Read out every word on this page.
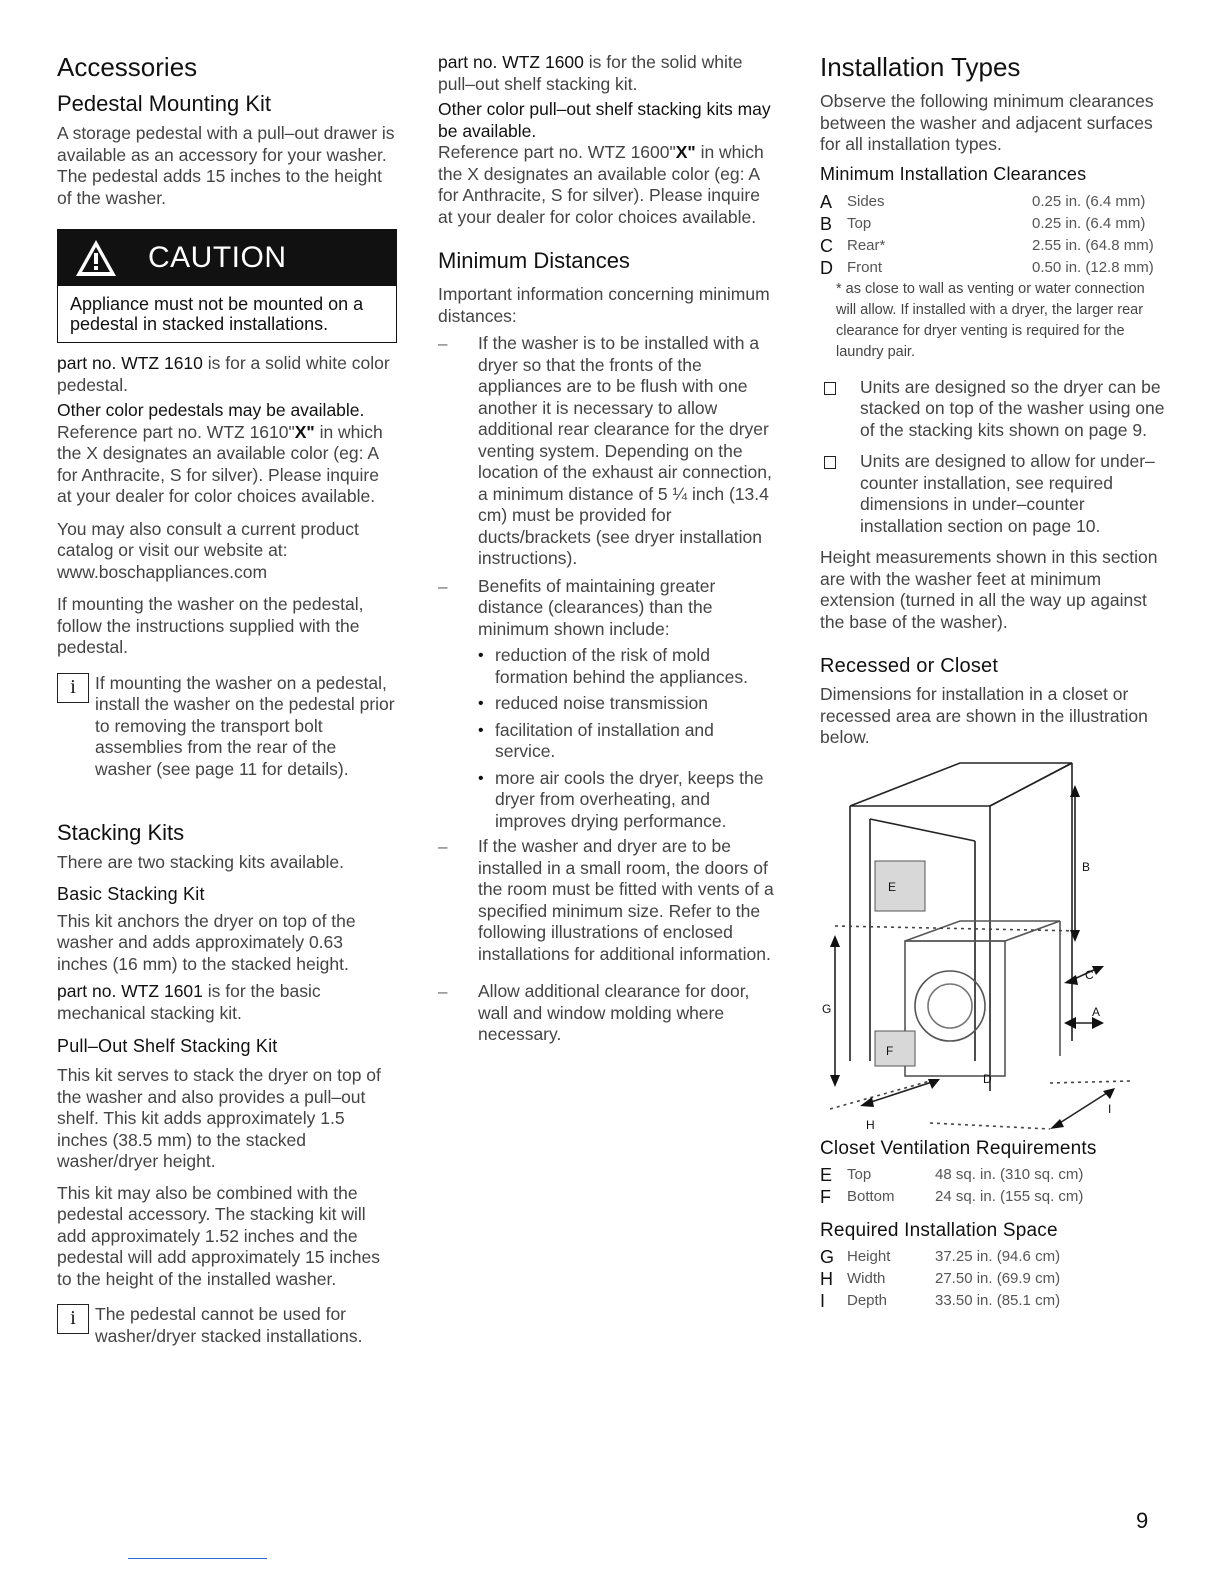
Accessories
Pedestal Mounting Kit

A storage pedestal with a pull–out drawer is available as an accessory for your washer. The pedestal adds 15 inches to the height of the washer.

CAUTION
Appliance must not be mounted on a pedestal in stacked installations.

part no. WTZ 1610 is for a solid white color pedestal.

Other color pedestals may be available.

Reference part no. WTZ 1610"X" in which the X designates an available color (eg: A for Anthracite, S for silver). Please inquire at your dealer for color choices available.

You may also consult a current product catalog or visit our website at: www.boschappliances.com

If mounting the washer on the pedestal, follow the instructions supplied with the pedestal.

i	If mounting the washer on a pedestal, install the washer on the pedestal prior to removing the transport bolt assemblies from the rear of the washer (see page 11 for details).

Stacking Kits

There are two stacking kits available.

Basic Stacking Kit

This kit anchors the dryer on top of the washer and adds approximately 0.63 inches (16 mm) to the stacked height.

part no. WTZ 1601 is for the basic mechanical stacking kit.

Pull–Out Shelf Stacking Kit

This kit serves to stack the dryer on top of the washer and also provides a pull–out shelf. This kit adds approximately 1.5 inches (38.5 mm) to the stacked washer/dryer height.

This kit may also be combined with the pedestal accessory. The stacking kit will add approximately 1.52 inches and the pedestal will add approximately 15 inches to the height of the installed washer.

i	The pedestal cannot be used for washer/dryer stacked installations.

part no. WTZ 1600 is for the solid white pull–out shelf stacking kit.

Other color pull–out shelf stacking kits may be available.

Reference part no. WTZ 1600"X" in which the X designates an available color (eg: A for Anthracite, S for silver). Please inquire at your dealer for color choices available.

Minimum Distances

Important information concerning minimum distances:

– If the washer is to be installed with a dryer so that the fronts of the appliances are to be flush with one another it is necessary to allow additional rear clearance for the dryer venting system. Depending on the location of the exhaust air connection, a minimum distance of 5 ¼ inch (13.4 cm) must be provided for ducts/brackets (see dryer installation instructions).

– Benefits of maintaining greater distance (clearances) than the minimum shown include:

• reduction of the risk of mold formation behind the appliances.

• reduced noise transmission

• facilitation of installation and service.

• more air cools the dryer, keeps the dryer from overheating, and improves drying performance.

– If the washer and dryer are to be installed in a small room, the doors of the room must be fitted with vents of a specified minimum size. Refer to the following illustrations of enclosed installations for additional information.

– Allow additional clearance for door, wall and window molding where necessary.

Installation Types

Observe the following minimum clearances between the washer and adjacent surfaces for all installation types.

Minimum Installation Clearances
A Sides	0.25 in. (6.4 mm)
B Top	0.25 in. (6.4 mm)
C Rear*	2.55 in. (64.8 mm)
D Front	0.50 in. (12.8 mm)

* as close to wall as venting or water connection will allow. If installed with a dryer, the larger rear clearance for dryer venting is required for the laundry pair.

Units are designed so the dryer can be stacked on top of the washer using one of the stacking kits shown on page 9.

Units are designed to allow for under–counter installation, see required dimensions in under–counter installation section on page 10.

Height measurements shown in this section are with the washer feet at minimum extension (turned in all the way up against the base of the washer).

Recessed or Closet

Dimensions for installation in a closet or recessed area are shown in the illustration below.

E
F
B
C
A
G
D
H
I
Closet Ventilation Requirements
E Top	48 sq. in. (310 sq. cm)
F	Bottom	24 sq. in. (155 sq. cm)
Required Installation Space
G Height	37.25 in. (94.6 cm)
H Width	27.50 in. (69.9 cm)
I	Depth	33.50 in. (85.1 cm)
9
